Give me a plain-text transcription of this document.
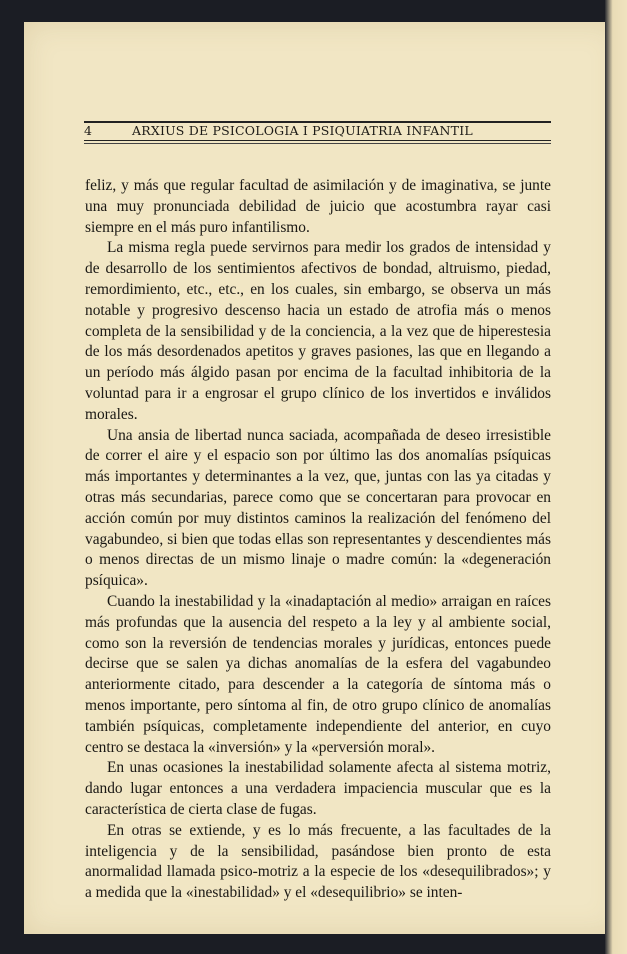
4	ARXIUS DE PSICOLOGIA I PSIQUIATRIA INFANTIL

feliz, y más que regular facultad de asimilación y de imaginativa, se junte una muy pronunciada debilidad de juicio que acostumbra rayar casi siempre en el más puro infantilismo.

La misma regla puede servirnos para medir los grados de intensidad y de desarrollo de los sentimientos afectivos de bondad, altruismo, piedad, remordimiento, etc., etc., en los cuales, sin embargo, se observa un más notable y progresivo descenso hacia un estado de atrofia más o menos completa de la sensibilidad y de la conciencia, a la vez que de hiperestesia de los más desordenados apetitos y graves pasiones, las que en llegando a un período más álgido pasan por encima de la facultad inhibitoria de la voluntad para ir a engrosar el grupo clínico de los invertidos e inválidos morales.

Una ansia de libertad nunca saciada, acompañada de deseo irresistible de correr el aire y el espacio son por último las dos anomalías psíquicas más importantes y determinantes a la vez, que, juntas con las ya citadas y otras más secundarias, parece como que se concertaran para provocar en acción común por muy distintos caminos la realización del fenómeno del vagabundeo, si bien que todas ellas son representantes y descendientes más o menos directas de un mismo linaje o madre común: la «degeneración psíquica».

Cuando la inestabilidad y la «inadaptación al medio» arraigan en raíces más profundas que la ausencia del respeto a la ley y al ambiente social, como son la reversión de tendencias morales y jurídicas, entonces puede decirse que se salen ya dichas anomalías de la esfera del vagabundeo anteriormente citado, para descender a la categoría de síntoma más o menos importante, pero síntoma al fin, de otro grupo clínico de anomalías también psíquicas, completamente independiente del anterior, en cuyo centro se destaca la «inversión» y la «perversión moral».

En unas ocasiones la inestabilidad solamente afecta al sistema motriz, dando lugar entonces a una verdadera impaciencia muscular que es la característica de cierta clase de fugas.

En otras se extiende, y es lo más frecuente, a las facultades de la inteligencia y de la sensibilidad, pasándose bien pronto de esta anormalidad llamada psico-motriz a la especie de los «desequilibrados»; y a medida que la «inestabilidad» y el «desequilibrio» se inten-
